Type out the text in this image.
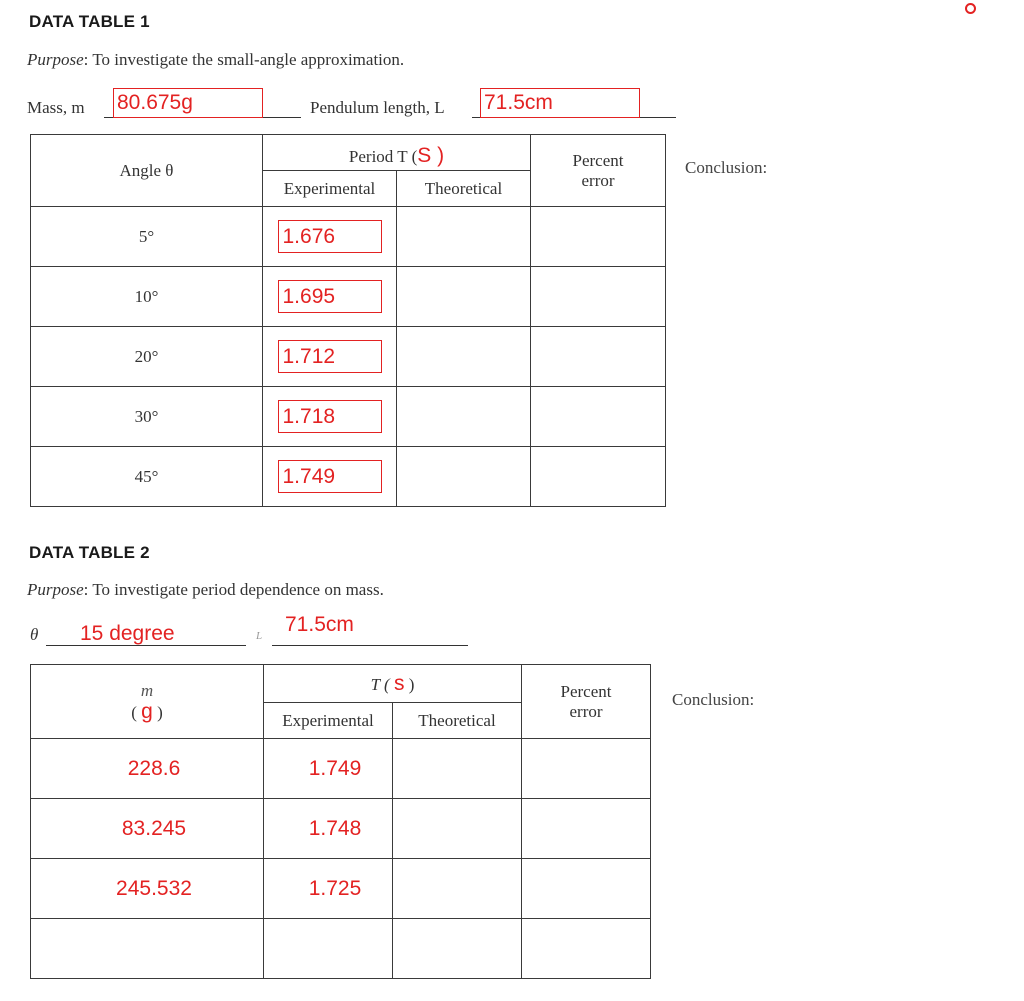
DATA TABLE 1
Purpose: To investigate the small-angle approximation.
Mass, m 80.675g	Pendulum length, L 71.5cm
Angle θ	Period T (S )		Percent
error
	Experimental	Theoretical	
5°	1.676		
10°	1.695		
20°	1.712		
30°	1.718		
45°	1.749		
Conclusion:
DATA TABLE 2
Purpose: To investigate period dependence on mass.
θ 15 degree	L 71.5cm
m
( g )	T ( s )		Percent
error
	Experimental	Theoretical	
228.6	1.749		
83.245	1.748		
245.532	1.725		

Conclusion:
